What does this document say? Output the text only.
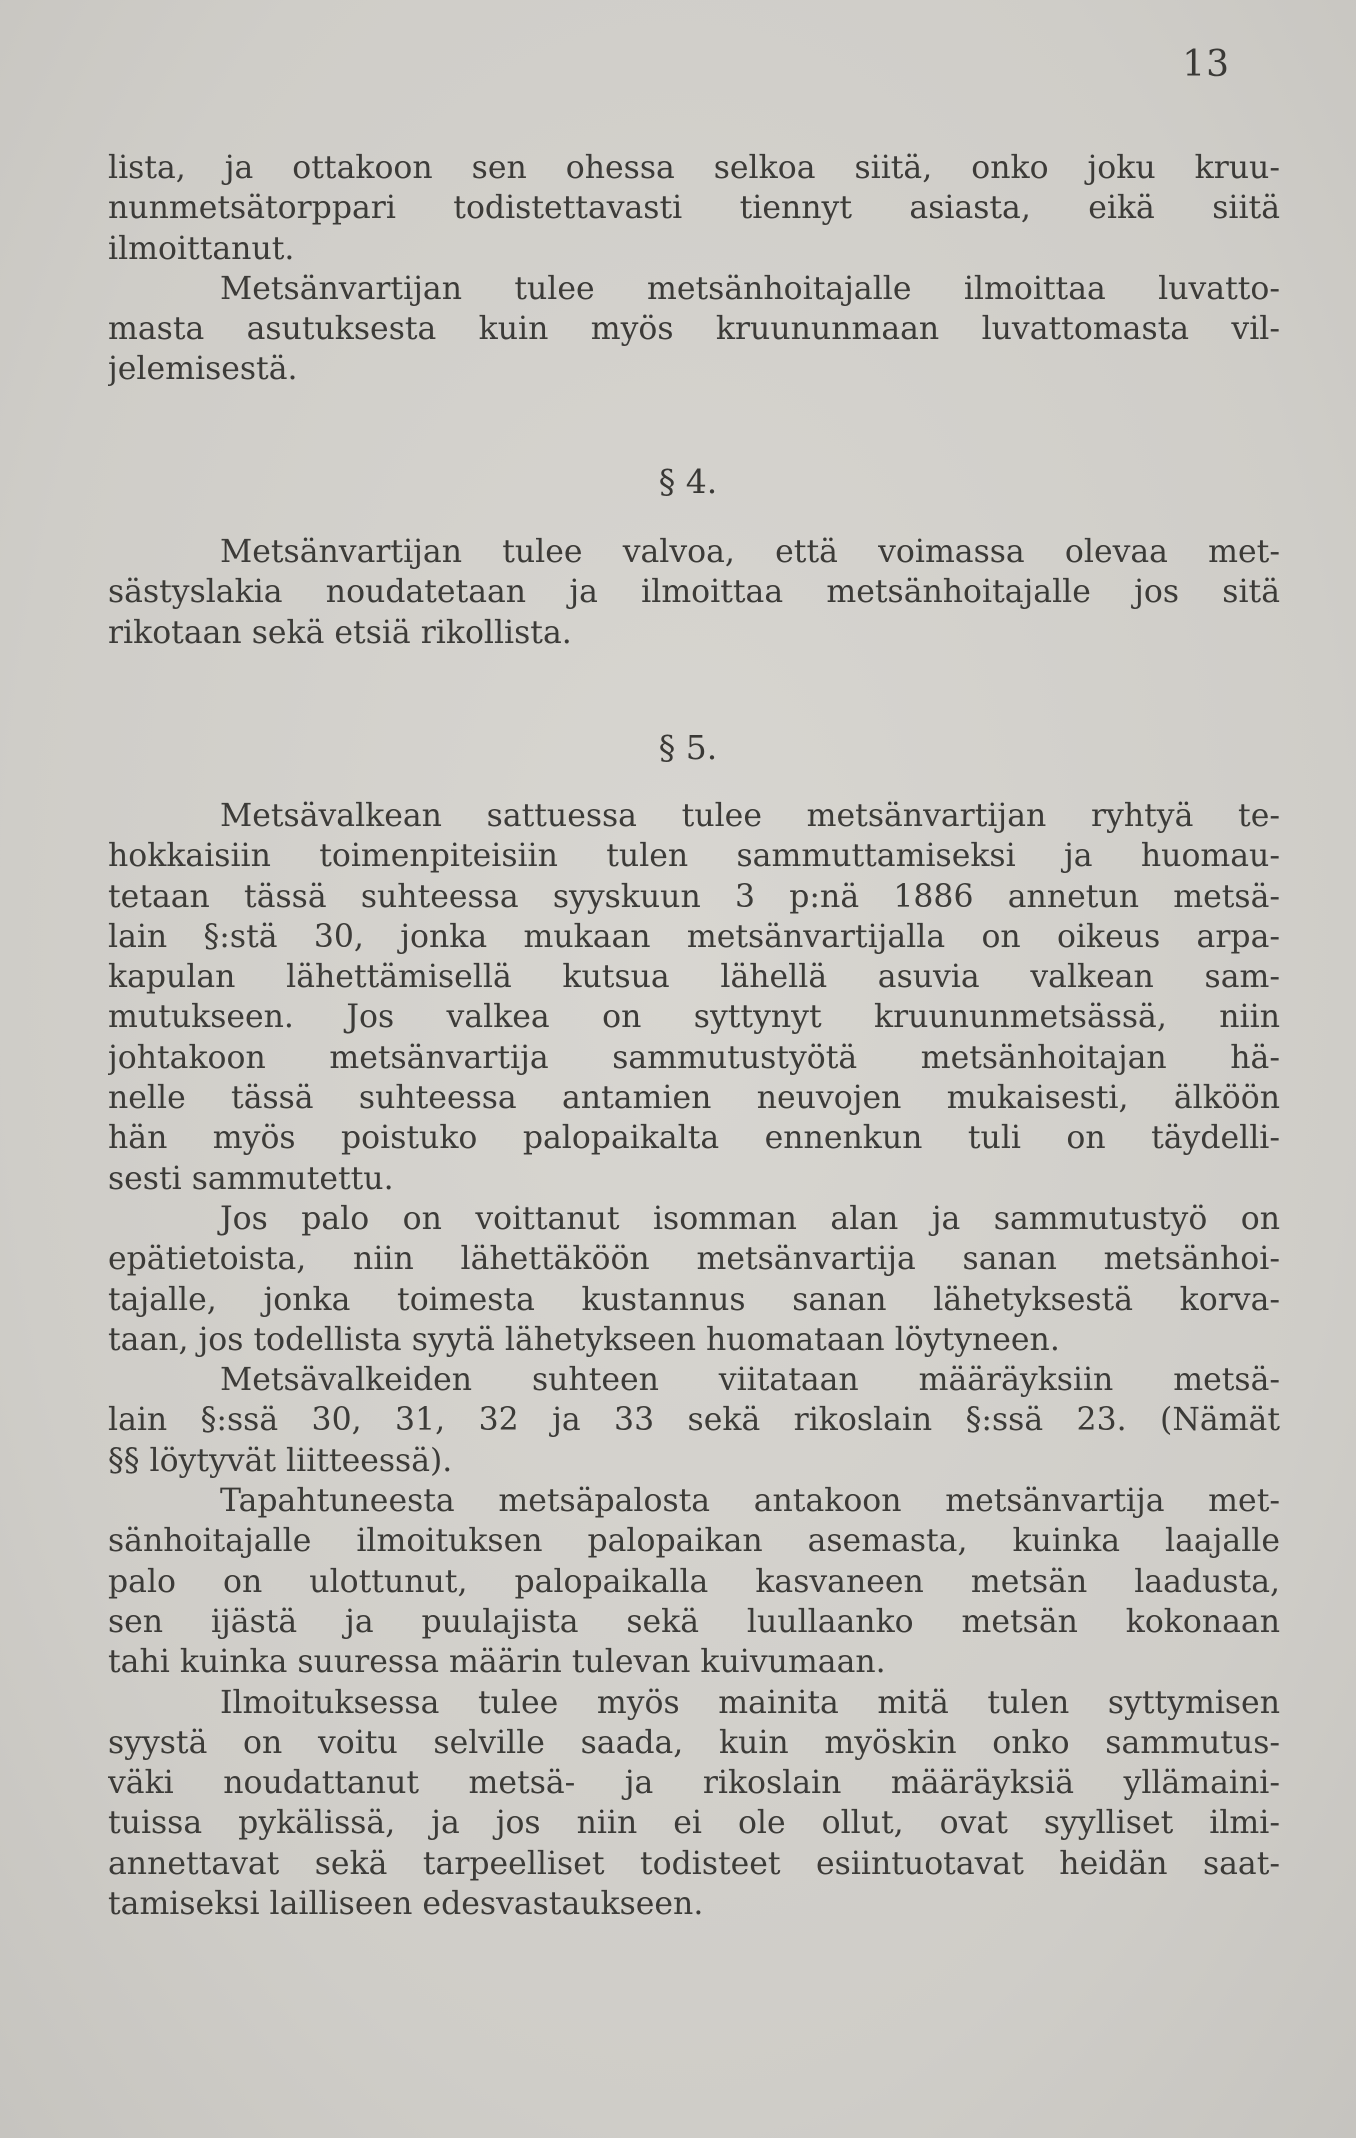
13
lista, ja ottakoon sen ohessa selkoa siitä, onko joku kruu-
nunmetsätorppari todistettavasti tiennyt asiasta, eikä siitä
ilmoittanut.
Metsänvartijan tulee metsänhoitajalle ilmoittaa luvatto-
masta asutuksesta kuin myös kruununmaan luvattomasta vil-
jelemisestä.
§ 4.
Metsänvartijan tulee valvoa, että voimassa olevaa met-
sästyslakia noudatetaan ja ilmoittaa metsänhoitajalle jos sitä
rikotaan sekä etsiä rikollista.
§ 5.
Metsävalkean sattuessa tulee metsänvartijan ryhtyä te-
hokkaisiin toimenpiteisiin tulen sammuttamiseksi ja huomau-
tetaan tässä suhteessa syyskuun 3 p:nä 1886 annetun metsä-
lain §:stä 30, jonka mukaan metsänvartijalla on oikeus arpa-
kapulan lähettämisellä kutsua lähellä asuvia valkean sam-
mutukseen. Jos valkea on syttynyt kruununmetsässä, niin
johtakoon metsänvartija sammutustyötä metsänhoitajan hä-
nelle tässä suhteessa antamien neuvojen mukaisesti, älköön
hän myös poistuko palopaikalta ennenkun tuli on täydelli-
sesti sammutettu.
Jos palo on voittanut isomman alan ja sammutustyö on
epätietoista, niin lähettäköön metsänvartija sanan metsänhoi-
tajalle, jonka toimesta kustannus sanan lähetyksestä korva-
taan, jos todellista syytä lähetykseen huomataan löytyneen.
Metsävalkeiden suhteen viitataan määräyksiin metsä-
lain §:ssä 30, 31, 32 ja 33 sekä rikoslain §:ssä 23. (Nämät
§§ löytyvät liitteessä).
Tapahtuneesta metsäpalosta antakoon metsänvartija met-
sänhoitajalle ilmoituksen palopaikan asemasta, kuinka laajalle
palo on ulottunut, palopaikalla kasvaneen metsän laadusta,
sen ijästä ja puulajista sekä luullaanko metsän kokonaan
tahi kuinka suuressa määrin tulevan kuivumaan.
Ilmoituksessa tulee myös mainita mitä tulen syttymisen
syystä on voitu selville saada, kuin myöskin onko sammutus-
väki noudattanut metsä- ja rikoslain määräyksiä yllämaini-
tuissa pykälissä, ja jos niin ei ole ollut, ovat syylliset ilmi-
annettavat sekä tarpeelliset todisteet esiintuotavat heidän saat-
tamiseksi lailliseen edesvastaukseen.
